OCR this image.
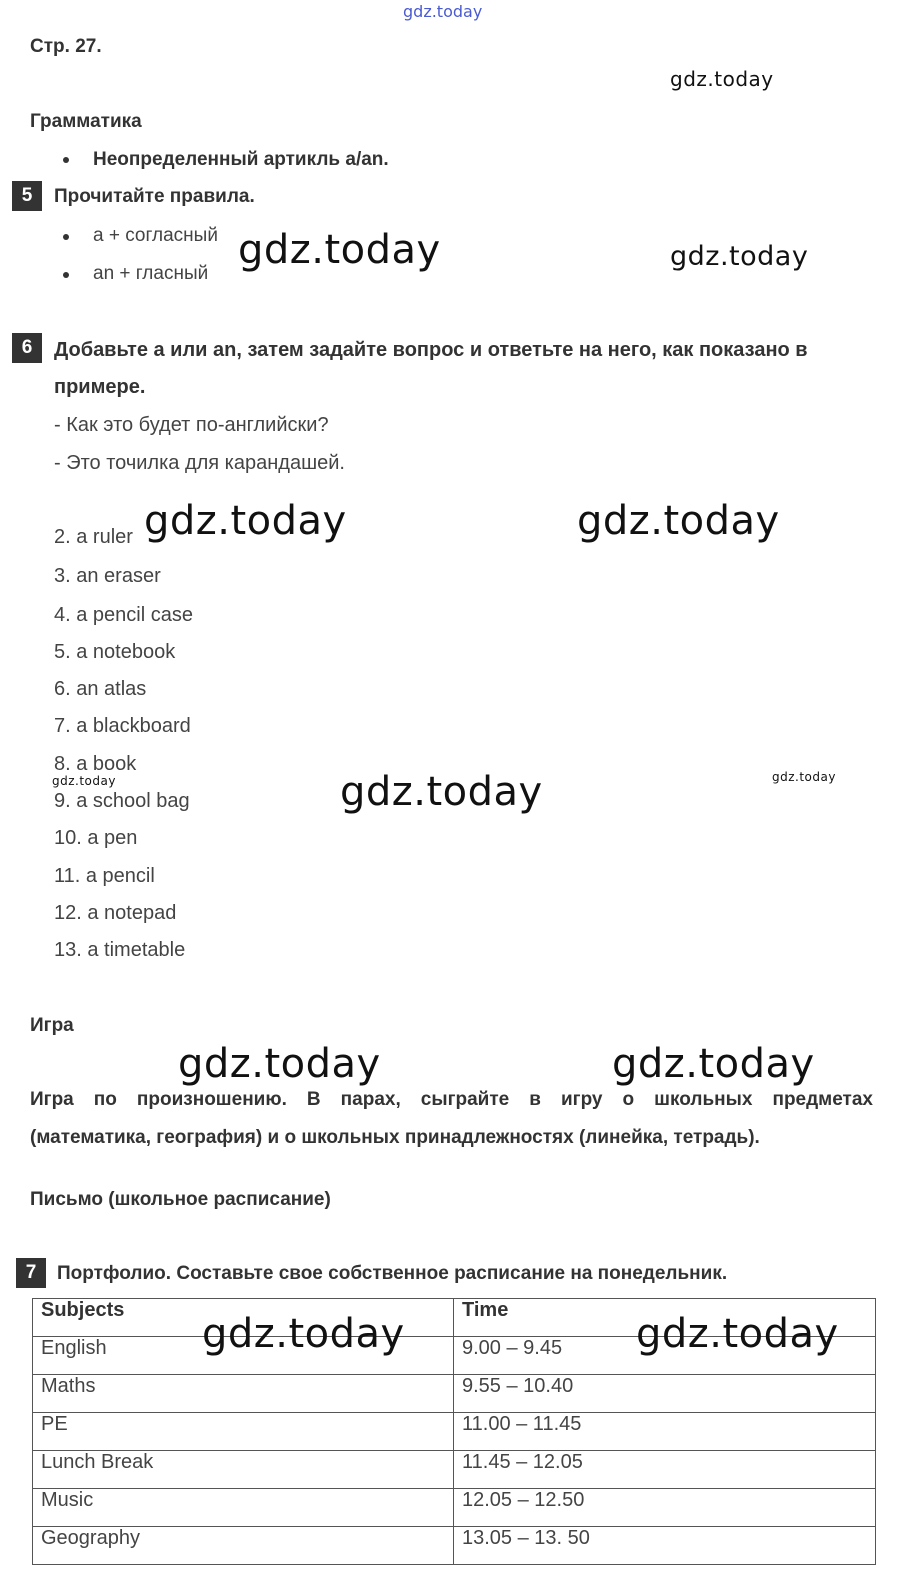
gdz.today
gdz.today
gdz.today	gdz.today
gdz.today	gdz.today
gdz.today	gdz.today
gdz.today
gdz.today	gdz.today
Стр. 27.
Грамматика
Неопределенный артикль a/an.
5	Прочитайте правила.
a + согласный
an + гласный
6	Добавьте a или an, затем задайте вопрос и ответьте на него, как показано в
примере.
- Как это будет по-английски?
- Это точилка для карандашей.
2. a ruler
3. an eraser
4. a pencil case
5. a notebook
6. an atlas
7. a blackboard
8. a book
9. a school bag
10. a pen
11. a pencil
12. a notepad
13. a timetable
Игра
Игра по произношению. В парах, сыграйте в игру о школьных предметах
(математика, география) и о школьных принадлежностях (линейка, тетрадь).
Письмо (школьное расписание)
7	Портфолио. Составьте свое собственное расписание на понедельник.
Subjects	Time
English	9.00 – 9.45
Maths	9.55 – 10.40
PE	11.00 – 11.45
Lunch Break	11.45 – 12.05
Music	12.05 – 12.50
Geography	13.05 – 13. 50
gdz.today	gdz.today
